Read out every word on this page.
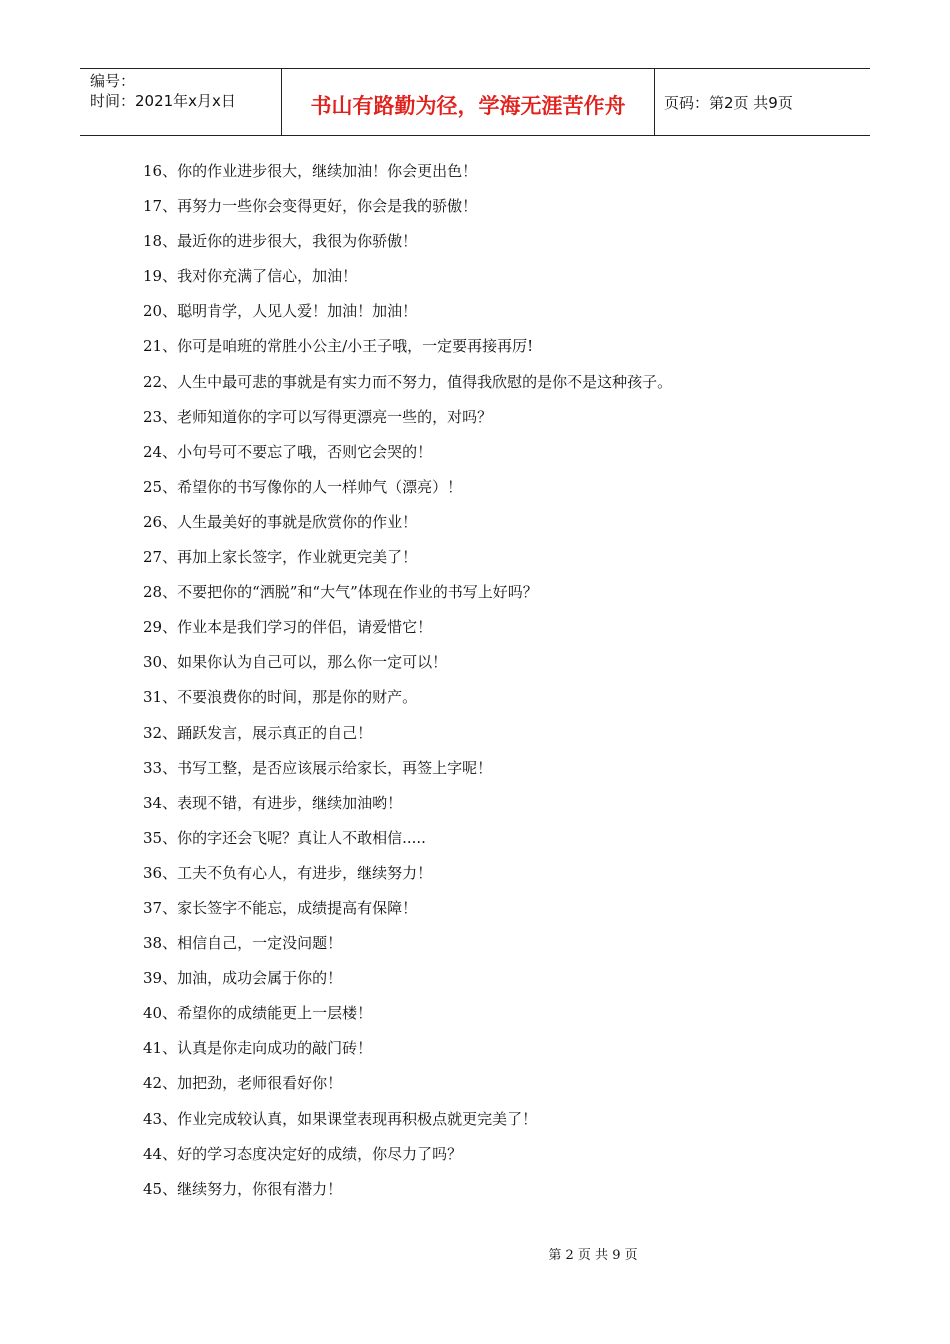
编号：
时间：2021年x月x日	书山有路勤为径，学海无涯苦作舟	页码：第2页 共9页
16、你的作业进步很大，继续加油！你会更出色！
17、再努力一些你会变得更好，你会是我的骄傲！
18、最近你的进步很大，我很为你骄傲！
19、我对你充满了信心，加油！
20、聪明肯学，人见人爱！加油！加油！
21、你可是咱班的常胜小公主/小王子哦，一定要再接再厉!
22、人生中最可悲的事就是有实力而不努力，值得我欣慰的是你不是这种孩子。
23、老师知道你的字可以写得更漂亮一些的，对吗？
24、小句号可不要忘了哦，否则它会哭的！
25、希望你的书写像你的人一样帅气（漂亮）！
26、人生最美好的事就是欣赏你的作业！
27、再加上家长签字，作业就更完美了！
28、不要把你的“洒脱”和“大气”体现在作业的书写上好吗？
29、作业本是我们学习的伴侣，请爱惜它！
30、如果你认为自己可以，那么你一定可以！
31、不要浪费你的时间，那是你的财产。
32、踊跃发言，展示真正的自己！
33、书写工整，是否应该展示给家长，再签上字呢！
34、表现不错，有进步，继续加油哟！
35、你的字还会飞呢？真让人不敢相信.....
36、工夫不负有心人，有进步，继续努力！
37、家长签字不能忘，成绩提高有保障！
38、相信自己，一定没问题！
39、加油，成功会属于你的！
40、希望你的成绩能更上一层楼！
41、认真是你走向成功的敲门砖！
42、加把劲，老师很看好你！
43、作业完成较认真，如果课堂表现再积极点就更完美了！
44、好的学习态度决定好的成绩，你尽力了吗？
45、继续努力，你很有潜力！
第 2 页 共 9 页
